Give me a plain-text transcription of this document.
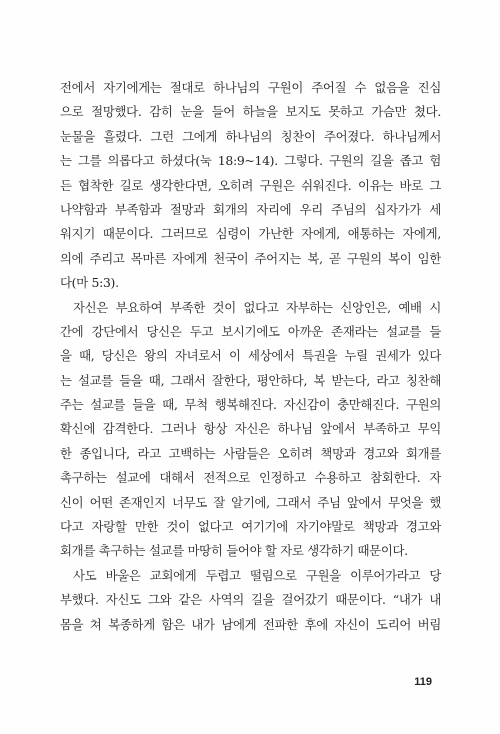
전에서 자기에게는 절대로 하나님의 구원이 주어질 수 없음을 진심
으로 절망했다. 감히 눈을 들어 하늘을 보지도 못하고 가슴만 쳤다.
눈물을 흘렸다. 그런 그에게 하나님의 칭찬이 주어졌다. 하나님께서
는 그를 의롭다고 하셨다(눅 18:9~14). 그렇다. 구원의 길을 좁고 험
든 협착한 길로 생각한다면, 오히려 구원은 쉬워진다. 이유는 바로 그
나약함과 부족함과 절망과 회개의 자리에 우리 주님의 십자가가 세
워지기 때문이다. 그러므로 심령이 가난한 자에게, 애통하는 자에게,
의에 주리고 목마른 자에게 천국이 주어지는 복, 곧 구원의 복이 임한
다(마 5:3).
자신은 부요하여 부족한 것이 없다고 자부하는 신앙인은, 예배 시
간에 강단에서 당신은 두고 보시기에도 아까운 존재라는 설교를 들
을 때, 당신은 왕의 자녀로서 이 세상에서 특권을 누릴 권세가 있다
는 설교를 들을 때, 그래서 잘한다, 평안하다, 복 받는다, 라고 칭찬해
주는 설교를 들을 때, 무척 행복해진다. 자신감이 충만해진다. 구원의
확신에 감격한다. 그러나 항상 자신은 하나님 앞에서 부족하고 무익
한 종입니다, 라고 고백하는 사람들은 오히려 책망과 경고와 회개를
촉구하는 설교에 대해서 전적으로 인정하고 수용하고 참회한다. 자
신이 어떤 존재인지 너무도 잘 알기에, 그래서 주님 앞에서 무엇을 했
다고 자랑할 만한 것이 없다고 여기기에 자기야말로 책망과 경고와
회개를 촉구하는 설교를 마땅히 들어야 할 자로 생각하기 때문이다.
사도 바울은 교회에게 두렵고 떨림으로 구원을 이루어가라고 당
부했다. 자신도 그와 같은 사역의 길을 걸어갔기 때문이다. “내가 내
몸을 쳐 복종하게 함은 내가 남에게 전파한 후에 자신이 도리어 버림
119
